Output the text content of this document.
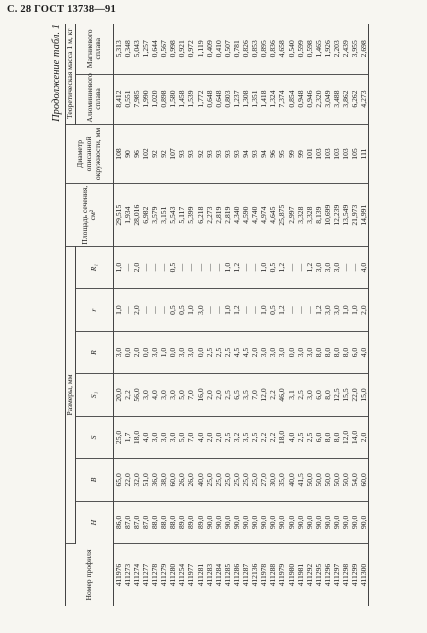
С. 28 ГОСТ 13738—91
Продолжение табл. 1
Номер профиля	Размеры, мм							Площадь сечения, см²	Диаметр описанной окружности, мм	Теоретическая масса 1 м, кг	
	H	B	S	S₁	R	r	R₁			Алюминиевого сплава	Магниевого сплава
411976	86,0	65,0	25,0	20,0	3,0	1,0	1,0	29,515	108	8,412	5,313
411273	87,0	22,0	1,7	2,2	0,0	—	—	1,934	90	0,551	0,348
411274	87,0	32,0	18,0	56,0	2,0	2,0	2,0	28,016	96	7,985	5,043
411277	87,0	51,0	4,0	3,0	0,0	—	—	6,982	102	1,990	1,257
411278	88,0	36,0	3,0	4,0	3,0	—	—	3,579	92	1,020	0,644
411279	88,0	38,0	3,0	3,0	1,0	—	—	3,151	92	0,898	0,567
411280	88,0	60,0	3,0	3,0	0,0	0,5	0,5	5,543	107	1,580	0,998
411254	89,0	26,0	5,0	5,0	3,0	0,5	—	5,117	93	1,458	0,921
411977	89,0	26,0	7,0	7,0	3,0	1,0	—	5,399	93	1,539	0,972
411281	89,0	40,0	4,0	16,0	0,0	3,0	—	6,218	92	1,772	1,119
411283	90,0	25,0	2,0	2,0	2,5	—	—	2,273	93	0,648	0,409
411284	90,0	25,0	2,0	2,0	2,5	—	—	2,819	93	0,648	0,410
411285	90,0	25,0	2,5	2,5	2,5	1,0	1,0	2,819	93	0,803	0,507
411286	90,0	25,0	3,2	6,5	4,5	1,2	1,2	4,340	93	1,237	0,781
411287	90,0	25,0	3,5	3,5	4,5	—	—	4,590	94	1,308	0,826
412136	90,0	25,0	2,5	7,0	2,0	—	—	4,740	93	1,351	0,853
411978	90,0	27,0	2,2	12,0	3,0	1,0	1,0	4,974	94	1,418	0,895
411288	90,0	30,0	2,2	2,2	3,0	0,5	0,5	4,645	96	1,324	0,836
411979	90,0	35,0	18,0	46,0	3,0	1,2	1,2	25,875	95	7,374	4,658
411980	90,0	40,0	4,0	3,1	0,0	—	—	2,997	99	0,854	0,540
411981	90,0	41,5	2,5	2,5	3,0	—	—	3,328	99	0,948	0,599
411292	90,0	50,0	2,5	3,0	3,0	—	1,2	3,328	101	0,946	0,598
411295	90,0	50,0	6,0	6,0	8,0	1,2	3,0	8,139	103	2,320	1,465
411296	90,0	50,0	8,0	8,0	8,0	3,0	3,0	10,699	103	3,049	1,926
411297	90,0	50,0	8,0	12,5	8,0	3,0	3,0	12,239	103	3,488	2,203
411298	90,0	50,0	12,0	15,5	8,0	1,0	—	13,549	103	3,862	2,439
411299	90,0	54,0	14,0	22,0	6,0	1,0	—	21,973	105	6,262	3,955
411300	90,0	60,0	2,0	15,0	4,0	2,0	4,0	14,991	111	4,273	2,698
